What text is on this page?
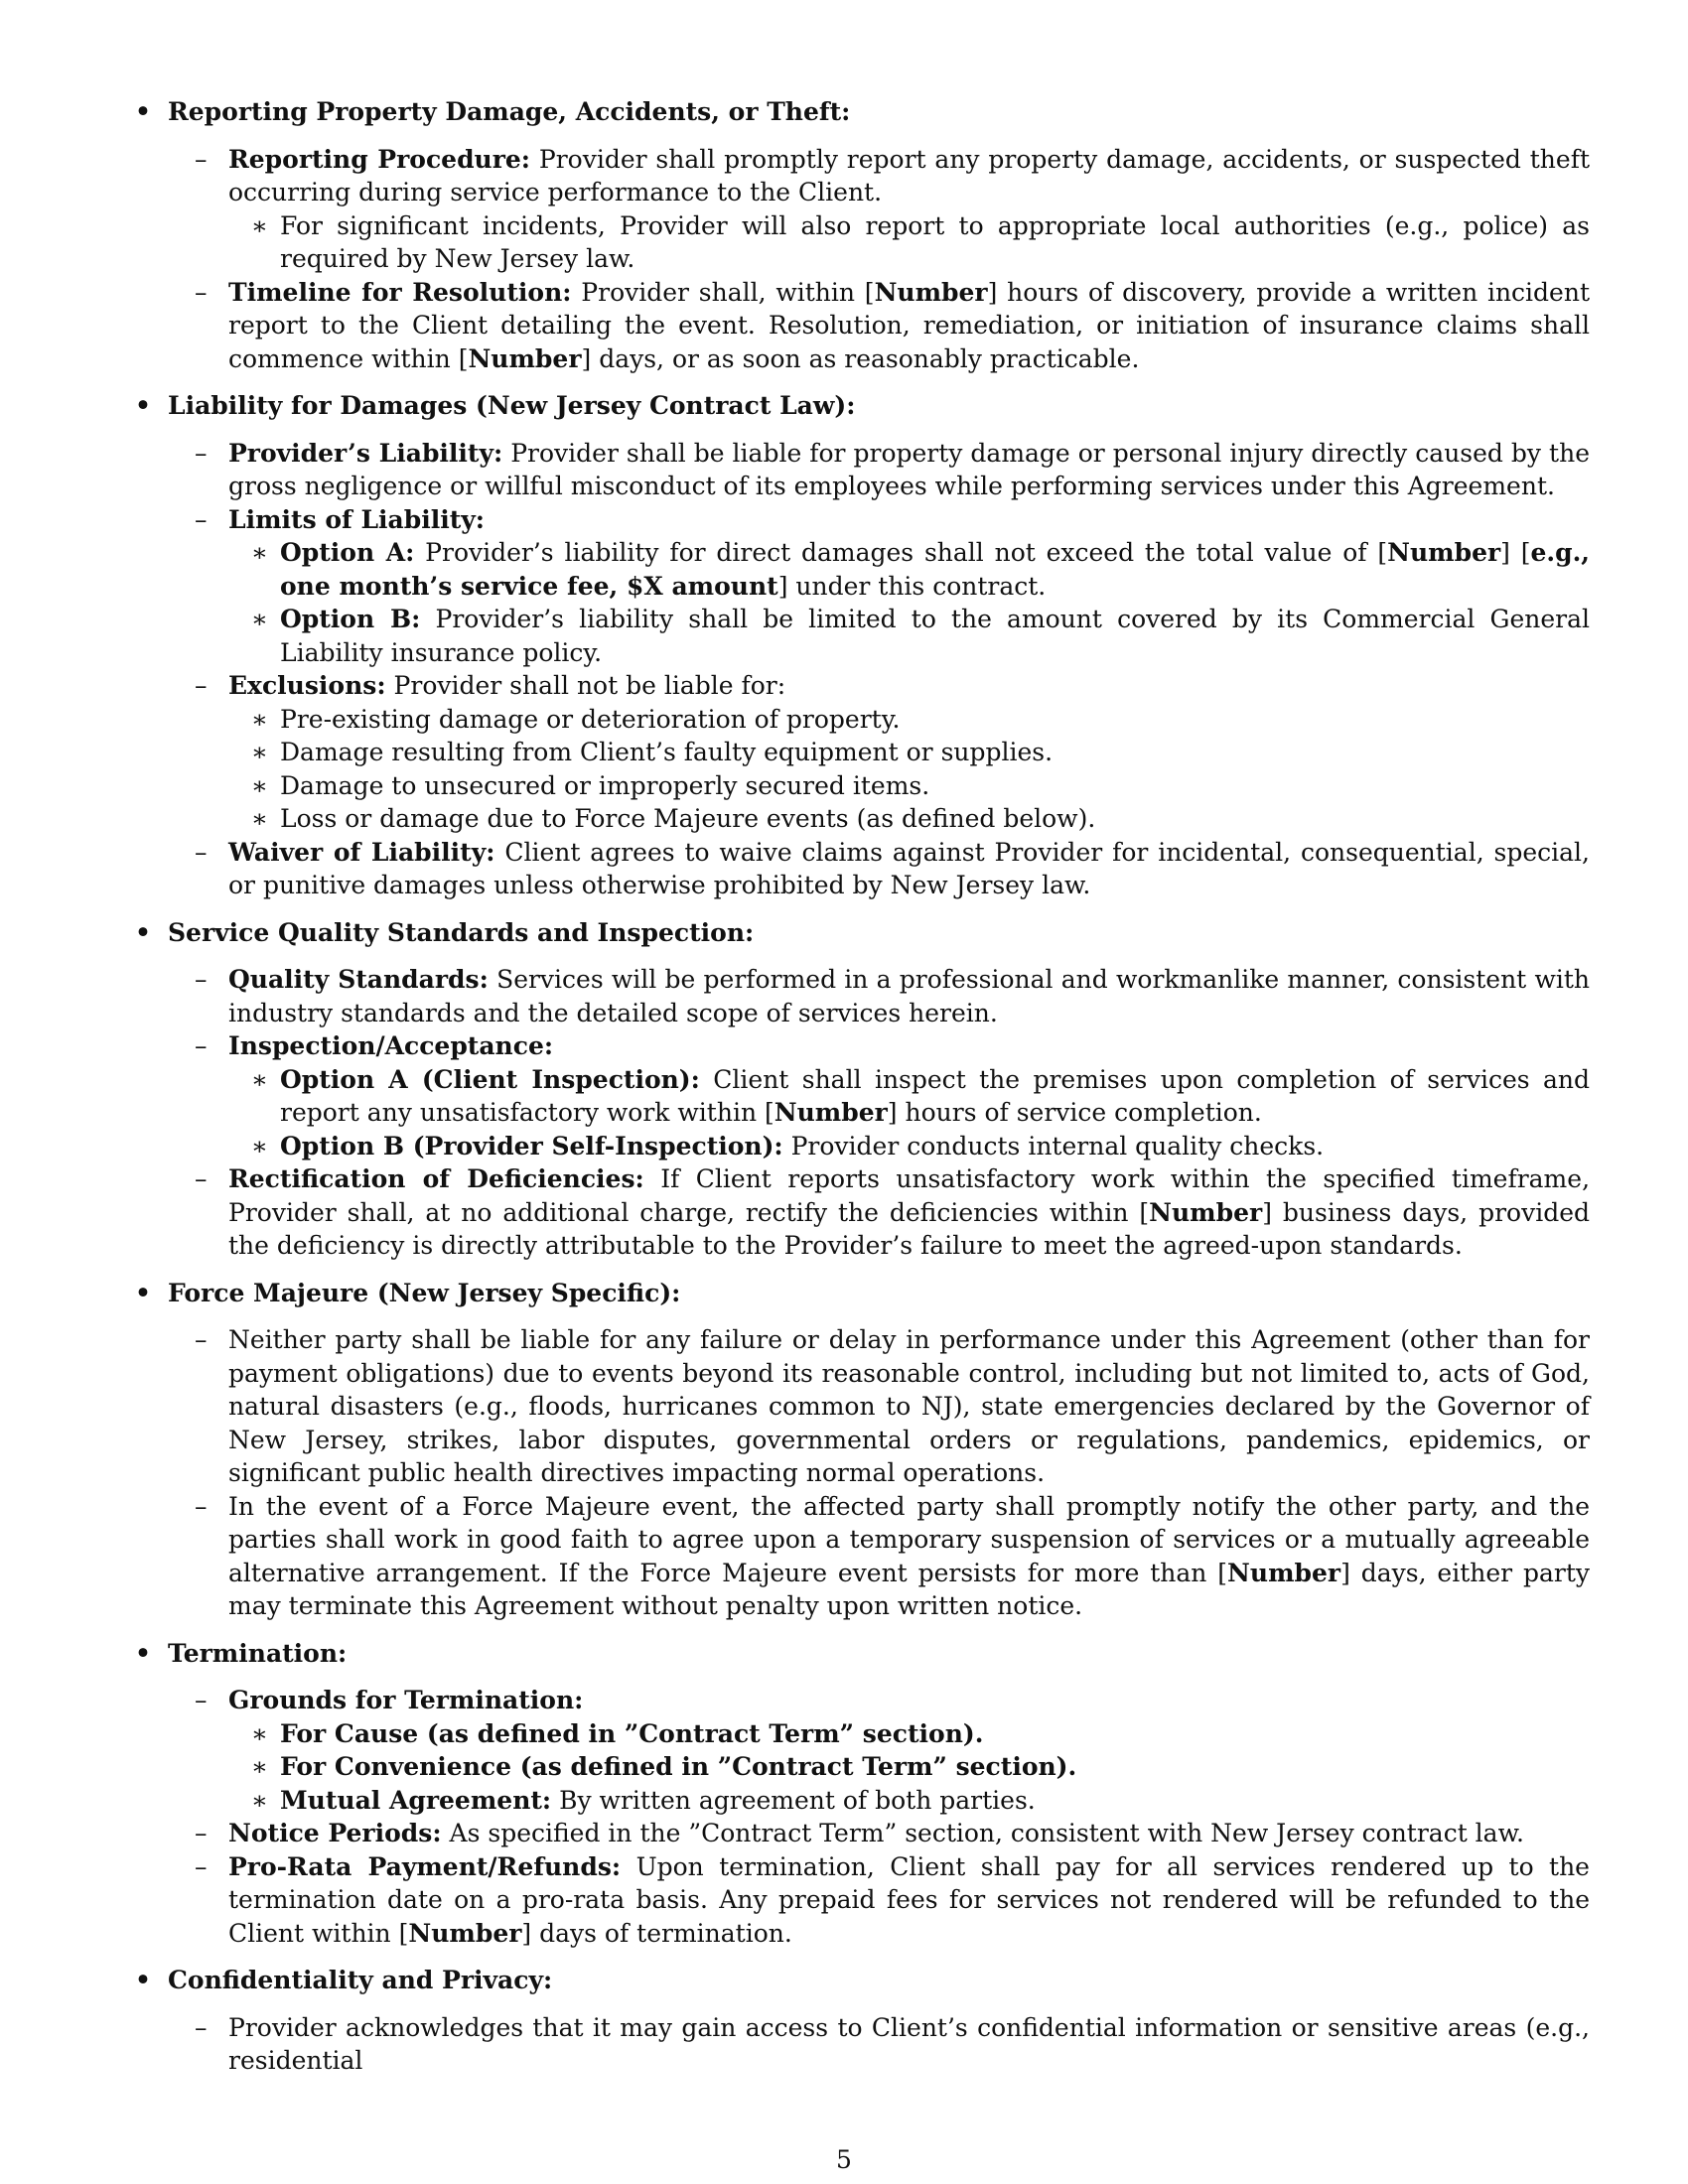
• Reporting Property Damage, Accidents, or Theft:
– Reporting Procedure: Provider shall promptly report any property damage, accidents, or suspected theft occurring during service performance to the Client.
∗ For significant incidents, Provider will also report to appropriate local authorities (e.g., police) as required by New Jersey law.
– Timeline for Resolution: Provider shall, within [Number] hours of discovery, provide a written incident report to the Client detailing the event. Resolution, remediation, or initiation of insurance claims shall commence within [Number] days, or as soon as reasonably practicable.
• Liability for Damages (New Jersey Contract Law):
– Provider’s Liability: Provider shall be liable for property damage or personal injury directly caused by the gross negligence or willful misconduct of its employees while performing services under this Agreement.
– Limits of Liability:
∗ Option A: Provider’s liability for direct damages shall not exceed the total value of [Number] [e.g., one month’s service fee, $X amount] under this contract.
∗ Option B: Provider’s liability shall be limited to the amount covered by its Commercial General Liability insurance policy.
– Exclusions: Provider shall not be liable for:
∗ Pre-existing damage or deterioration of property.
∗ Damage resulting from Client’s faulty equipment or supplies.
∗ Damage to unsecured or improperly secured items.
∗ Loss or damage due to Force Majeure events (as defined below).
– Waiver of Liability: Client agrees to waive claims against Provider for incidental, consequential, special, or punitive damages unless otherwise prohibited by New Jersey law.
• Service Quality Standards and Inspection:
– Quality Standards: Services will be performed in a professional and workmanlike manner, consistent with industry standards and the detailed scope of services herein.
– Inspection/Acceptance:
∗ Option A (Client Inspection): Client shall inspect the premises upon completion of services and report any unsatisfactory work within [Number] hours of service completion.
∗ Option B (Provider Self-Inspection): Provider conducts internal quality checks.
– Rectification of Deficiencies: If Client reports unsatisfactory work within the specified timeframe, Provider shall, at no additional charge, rectify the deficiencies within [Number] business days, provided the deficiency is directly attributable to the Provider’s failure to meet the agreed-upon standards.
• Force Majeure (New Jersey Specific):
– Neither party shall be liable for any failure or delay in performance under this Agreement (other than for payment obligations) due to events beyond its reasonable control, including but not limited to, acts of God, natural disasters (e.g., floods, hurricanes common to NJ), state emergencies declared by the Governor of New Jersey, strikes, labor disputes, governmental orders or regulations, pandemics, epidemics, or significant public health directives impacting normal operations.
– In the event of a Force Majeure event, the affected party shall promptly notify the other party, and the parties shall work in good faith to agree upon a temporary suspension of services or a mutually agreeable alternative arrangement. If the Force Majeure event persists for more than [Number] days, either party may terminate this Agreement without penalty upon written notice.
• Termination:
– Grounds for Termination:
∗ For Cause (as defined in ”Contract Term” section).
∗ For Convenience (as defined in ”Contract Term” section).
∗ Mutual Agreement: By written agreement of both parties.
– Notice Periods: As specified in the ”Contract Term” section, consistent with New Jersey contract law.
– Pro-Rata Payment/Refunds: Upon termination, Client shall pay for all services rendered up to the termination date on a pro-rata basis. Any prepaid fees for services not rendered will be refunded to the Client within [Number] days of termination.
• Confidentiality and Privacy:
– Provider acknowledges that it may gain access to Client’s confidential information or sensitive areas (e.g., residential
5
